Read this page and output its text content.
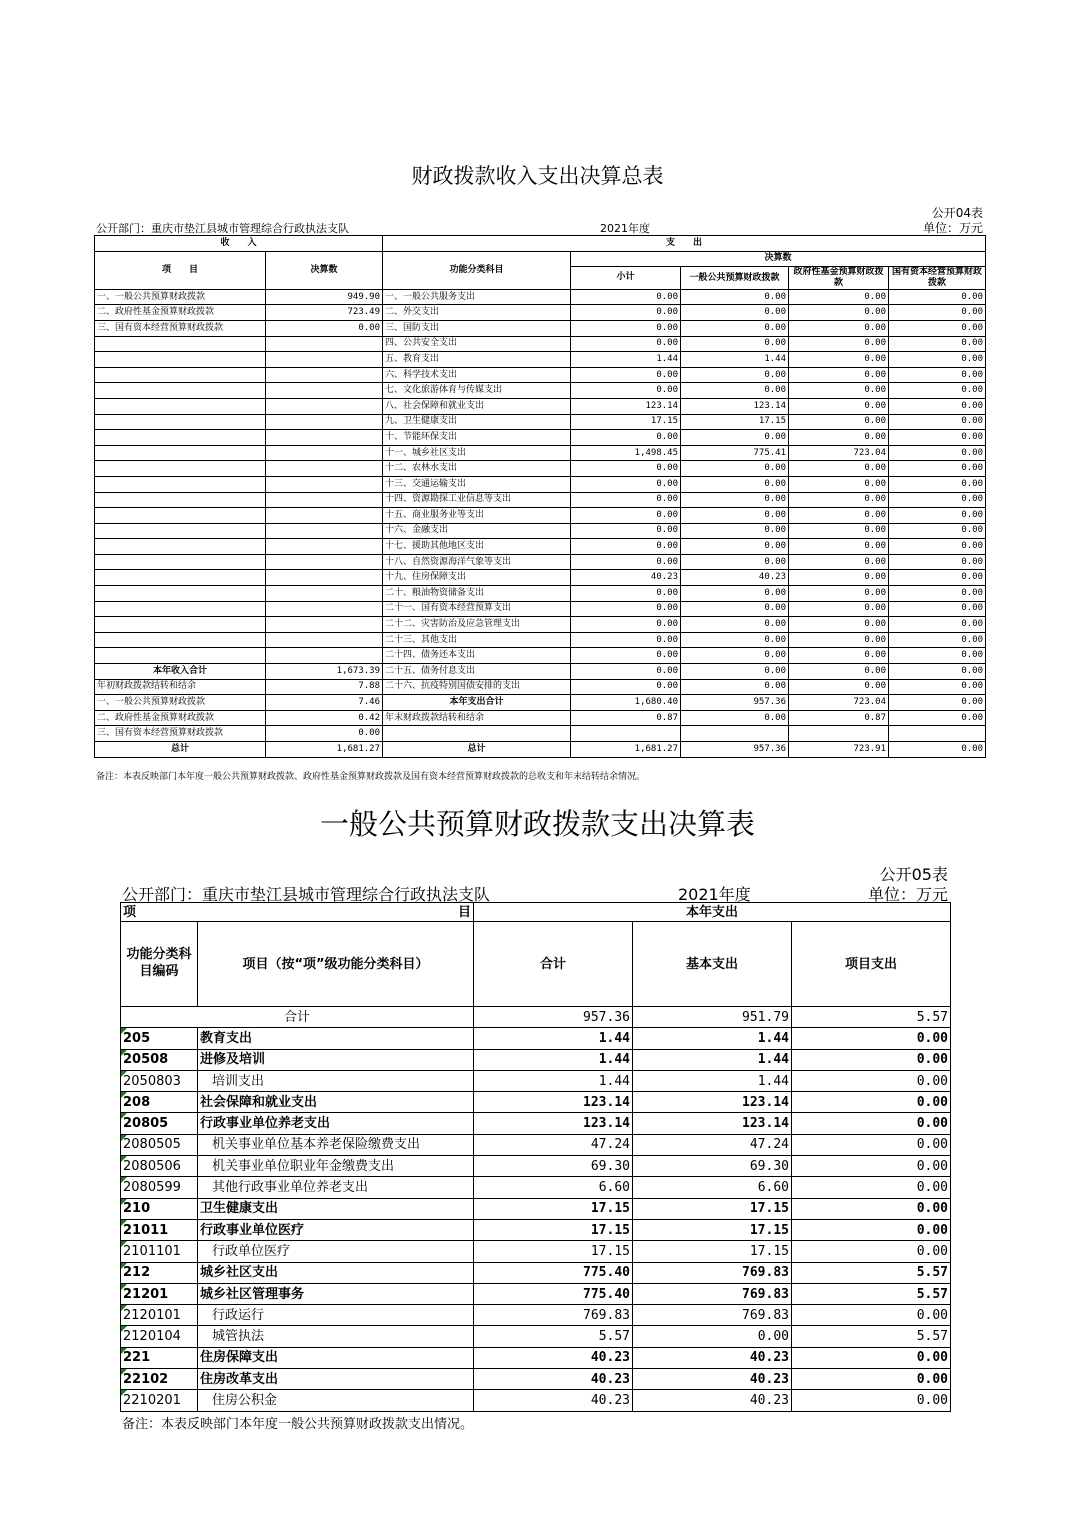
财政拨款收入支出决算总表
公开04表
公开部门：重庆市垫江县城市管理综合行政执法支队	2021年度	单位：万元
收　　入		支　　出				
项　　目	决算数	功能分类科目	决算数			
			小计	一般公共预算财政拨款	政府性基金预算财政拨款	国有资本经营预算财政拨款

一、一般公共预算财政拨款	949.90	一、一般公共服务支出	0.00	0.00	0.00	0.00
二、政府性基金预算财政拨款	723.49	二、外交支出	0.00	0.00	0.00	0.00
三、国有资本经营预算财政拨款	0.00	三、国防支出	0.00	0.00	0.00	0.00
		四、公共安全支出	0.00	0.00	0.00	0.00
		五、教育支出	1.44	1.44	0.00	0.00
		六、科学技术支出	0.00	0.00	0.00	0.00
		七、文化旅游体育与传媒支出	0.00	0.00	0.00	0.00
		八、社会保障和就业支出	123.14	123.14	0.00	0.00
		九、卫生健康支出	17.15	17.15	0.00	0.00
		十、节能环保支出	0.00	0.00	0.00	0.00
		十一、城乡社区支出	1,498.45	775.41	723.04	0.00
		十二、农林水支出	0.00	0.00	0.00	0.00
		十三、交通运输支出	0.00	0.00	0.00	0.00
		十四、资源勘探工业信息等支出	0.00	0.00	0.00	0.00
		十五、商业服务业等支出	0.00	0.00	0.00	0.00
		十六、金融支出	0.00	0.00	0.00	0.00
		十七、援助其他地区支出	0.00	0.00	0.00	0.00
		十八、自然资源海洋气象等支出	0.00	0.00	0.00	0.00
		十九、住房保障支出	40.23	40.23	0.00	0.00
		二十、粮油物资储备支出	0.00	0.00	0.00	0.00
		二十一、国有资本经营预算支出	0.00	0.00	0.00	0.00
		二十二、灾害防治及应急管理支出	0.00	0.00	0.00	0.00
		二十三、其他支出	0.00	0.00	0.00	0.00
		二十四、债务还本支出	0.00	0.00	0.00	0.00
本年收入合计	1,673.39	二十五、债务付息支出	0.00	0.00	0.00	0.00
年初财政拨款结转和结余	7.88	二十六、抗疫特别国债安排的支出	0.00	0.00	0.00	0.00
一、一般公共预算财政拨款	7.46	本年支出合计	1,680.40	957.36	723.04	0.00
二、政府性基金预算财政拨款	0.42	年末财政拨款结转和结余	0.87	0.00	0.87	0.00
三、国有资本经营预算财政拨款	0.00					
总计	1,681.27	总计	1,681.27	957.36	723.91	0.00
备注：本表反映部门本年度一般公共预算财政拨款、政府性基金预算财政拨款及国有资本经营预算财政拨款的总收支和年末结转结余情况。
一般公共预算财政拨款支出决算表
公开05表
公开部门：重庆市垫江县城市管理综合行政执法支队	2021年度	单位：万元
项 目		本年支出		
功能分类科目编码	项目（按“项”级功能分类科目）	合计	基本支出	项目支出
合计		957.36	951.79	5.57

205	教育支出	1.44	1.44	0.00

20508	进修及培训	1.44	1.44	0.00

2050803	培训支出	1.44	1.44	0.00

208	社会保障和就业支出	123.14	123.14	0.00

20805	行政事业单位养老支出	123.14	123.14	0.00

2080505	机关事业单位基本养老保险缴费支出	47.24	47.24	0.00

2080506	机关事业单位职业年金缴费支出	69.30	69.30	0.00

2080599	其他行政事业单位养老支出	6.60	6.60	0.00

210	卫生健康支出	17.15	17.15	0.00

21011	行政事业单位医疗	17.15	17.15	0.00

2101101	行政单位医疗	17.15	17.15	0.00

212	城乡社区支出	775.40	769.83	5.57

21201	城乡社区管理事务	775.40	769.83	5.57

2120101	行政运行	769.83	769.83	0.00

2120104	城管执法	5.57	0.00	5.57

221	住房保障支出	40.23	40.23	0.00

22102	住房改革支出	40.23	40.23	0.00

2210201	住房公积金	40.23	40.23	0.00
备注：本表反映部门本年度一般公共预算财政拨款支出情况。
